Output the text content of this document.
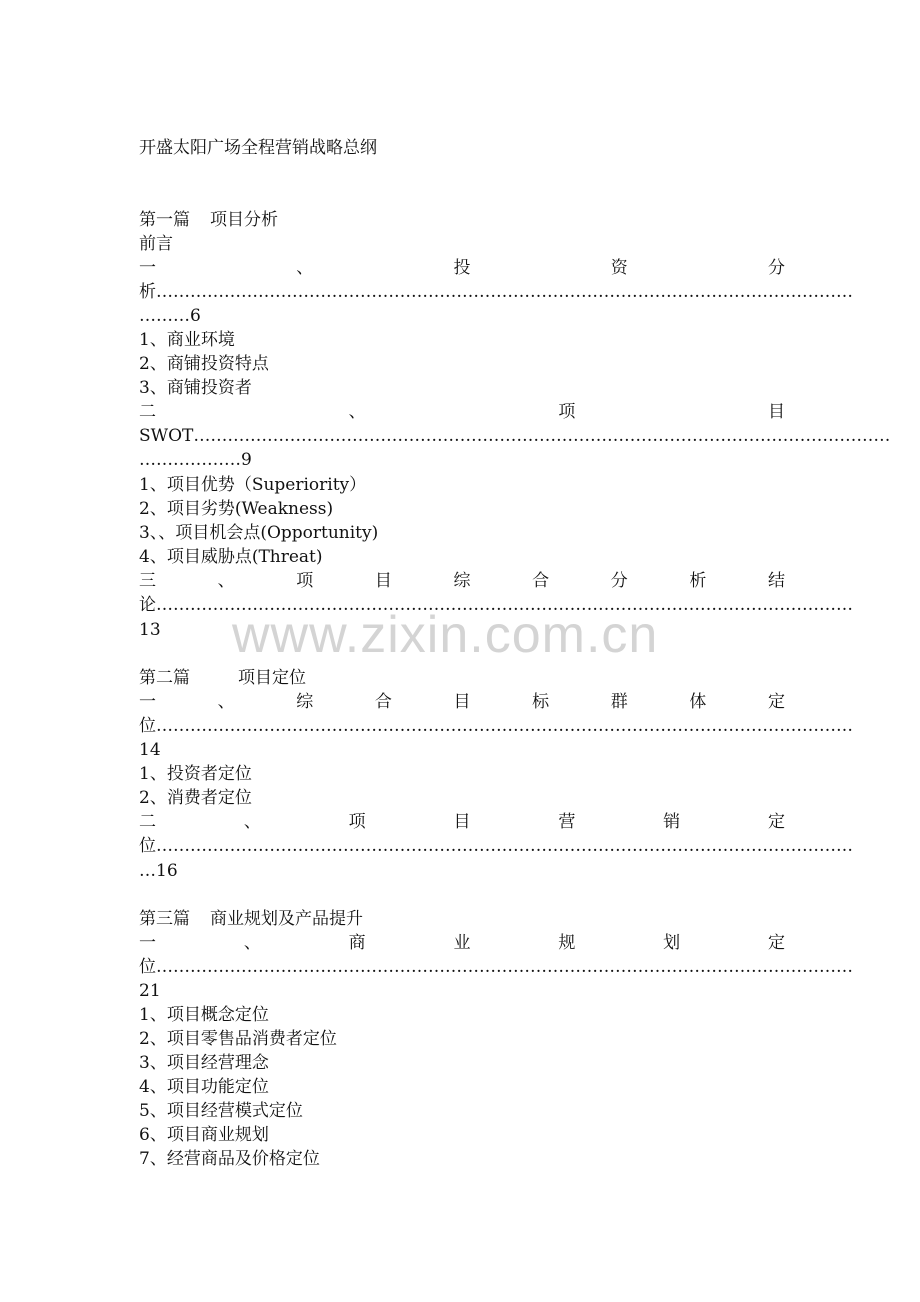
www.zixin.com.cn
开盛太阳广场全程营销战略总纲
第一篇 项目分析
前言
一	、	投	资	分
析……………………………………………………………………………………………………………
………6
1、商业环境
2、商铺投资特点
3、商铺投资者
二	、	项	目
SWOT……………………………………………………………………………………………………………
………………9
1、项目优势（Superiority）
2、项目劣势(Weakness)
3、、项目机会点(Opportunity)
4、项目威胁点(Threat)
三	、	项	目	综	合	分	析	结
论……………………………………………………………………………………………………………
13
第二篇	项目定位
一	、	综	合	目	标	群	体	定
位……………………………………………………………………………………………………………
14
1、投资者定位
2、消费者定位
二	、	项	目	营	销	定
位……………………………………………………………………………………………………………
…16
第三篇 商业规划及产品提升
一	、	商	业	规	划	定
位……………………………………………………………………………………………………………
21
1、项目概念定位
2、项目零售品消费者定位
3、项目经营理念
4、项目功能定位
5、项目经营模式定位
6、项目商业规划
7、经营商品及价格定位
